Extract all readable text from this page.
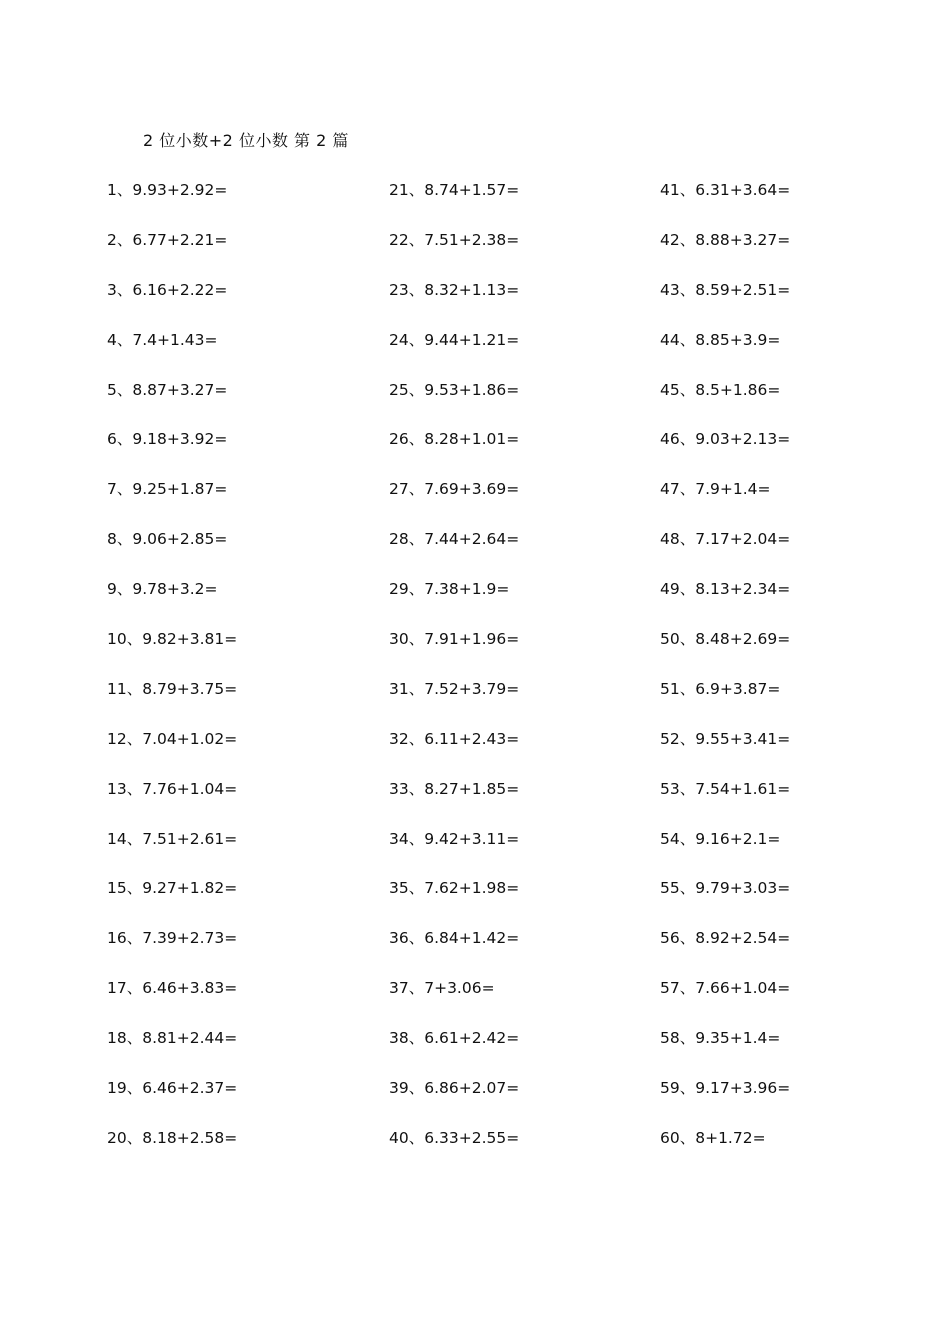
2 位小数+2 位小数 第 2 篇
1、9.93+2.92=
2、6.77+2.21=
3、6.16+2.22=
4、7.4+1.43=
5、8.87+3.27=
6、9.18+3.92=
7、9.25+1.87=
8、9.06+2.85=
9、9.78+3.2=
10、9.82+3.81=
11、8.79+3.75=
12、7.04+1.02=
13、7.76+1.04=
14、7.51+2.61=
15、9.27+1.82=
16、7.39+2.73=
17、6.46+3.83=
18、8.81+2.44=
19、6.46+2.37=
20、8.18+2.58=
21、8.74+1.57=
22、7.51+2.38=
23、8.32+1.13=
24、9.44+1.21=
25、9.53+1.86=
26、8.28+1.01=
27、7.69+3.69=
28、7.44+2.64=
29、7.38+1.9=
30、7.91+1.96=
31、7.52+3.79=
32、6.11+2.43=
33、8.27+1.85=
34、9.42+3.11=
35、7.62+1.98=
36、6.84+1.42=
37、7+3.06=
38、6.61+2.42=
39、6.86+2.07=
40、6.33+2.55=
41、6.31+3.64=
42、8.88+3.27=
43、8.59+2.51=
44、8.85+3.9=
45、8.5+1.86=
46、9.03+2.13=
47、7.9+1.4=
48、7.17+2.04=
49、8.13+2.34=
50、8.48+2.69=
51、6.9+3.87=
52、9.55+3.41=
53、7.54+1.61=
54、9.16+2.1=
55、9.79+3.03=
56、8.92+2.54=
57、7.66+1.04=
58、9.35+1.4=
59、9.17+3.96=
60、8+1.72=
